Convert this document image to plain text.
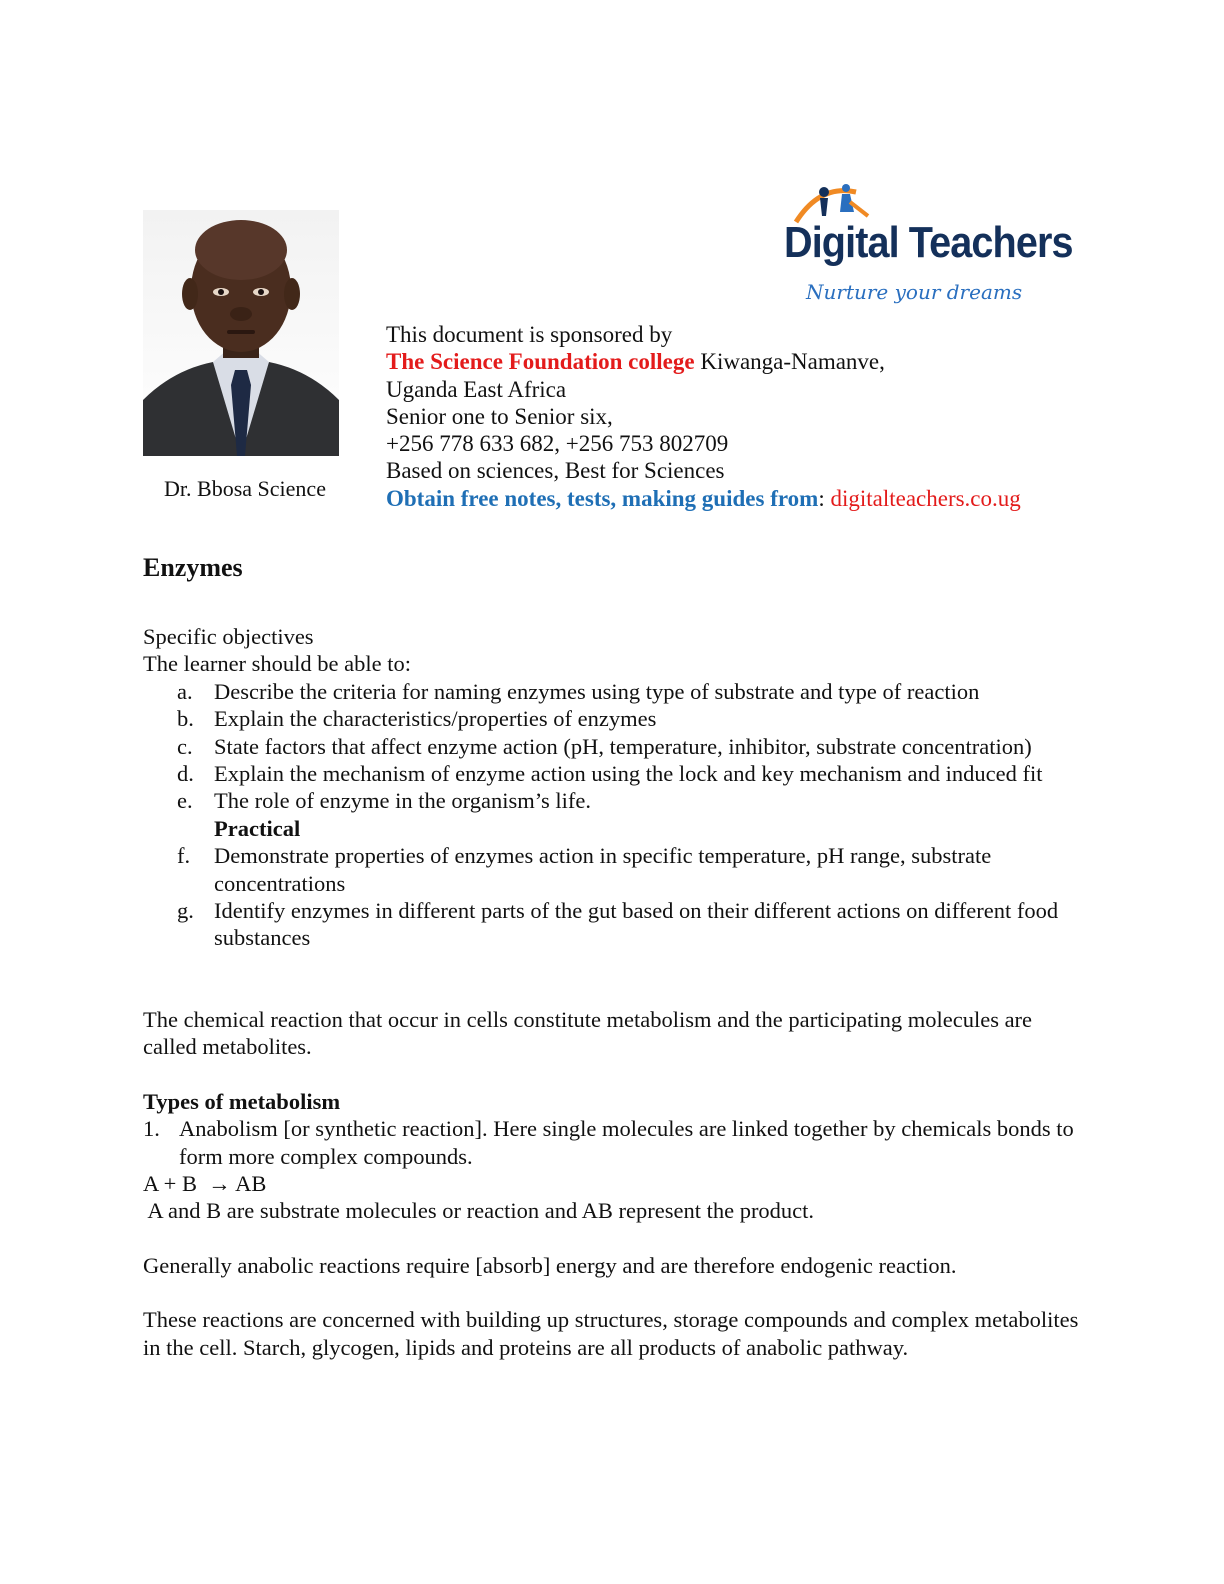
Dr. Bbosa Science
Digital Teachers
Nurture your dreams
This document is sponsored by
The Science Foundation college Kiwanga-Namanve,
Uganda East Africa
Senior one to Senior six,
+256 778 633 682, +256 753 802709
Based on sciences, Best for Sciences
Obtain free notes, tests, making guides from: digitalteachers.co.ug
Enzymes
Specific objectives
The learner should be able to:
a. Describe the criteria for naming enzymes using type of substrate and type of reaction
b. Explain the characteristics/properties of enzymes
c. State factors that affect enzyme action (pH, temperature, inhibitor, substrate concentration)
d. Explain the mechanism of enzyme action using the lock and key mechanism and induced fit
e. The role of enzyme in the organism’s life.
Practical
f. Demonstrate properties of enzymes action in specific temperature, pH range, substrate concentrations
g. Identify enzymes in different parts of the gut based on their different actions on different food substances
The chemical reaction that occur in cells constitute metabolism and the participating molecules are called metabolites.
Types of metabolism
1. Anabolism [or synthetic reaction]. Here single molecules are linked together by chemicals bonds to form more complex compounds.
A + B  → AB
A and B are substrate molecules or reaction and AB represent the product.
Generally anabolic reactions require [absorb] energy and are therefore endogenic reaction.
These reactions are concerned with building up structures, storage compounds and complex metabolites in the cell. Starch, glycogen, lipids and proteins are all products of anabolic pathway.
